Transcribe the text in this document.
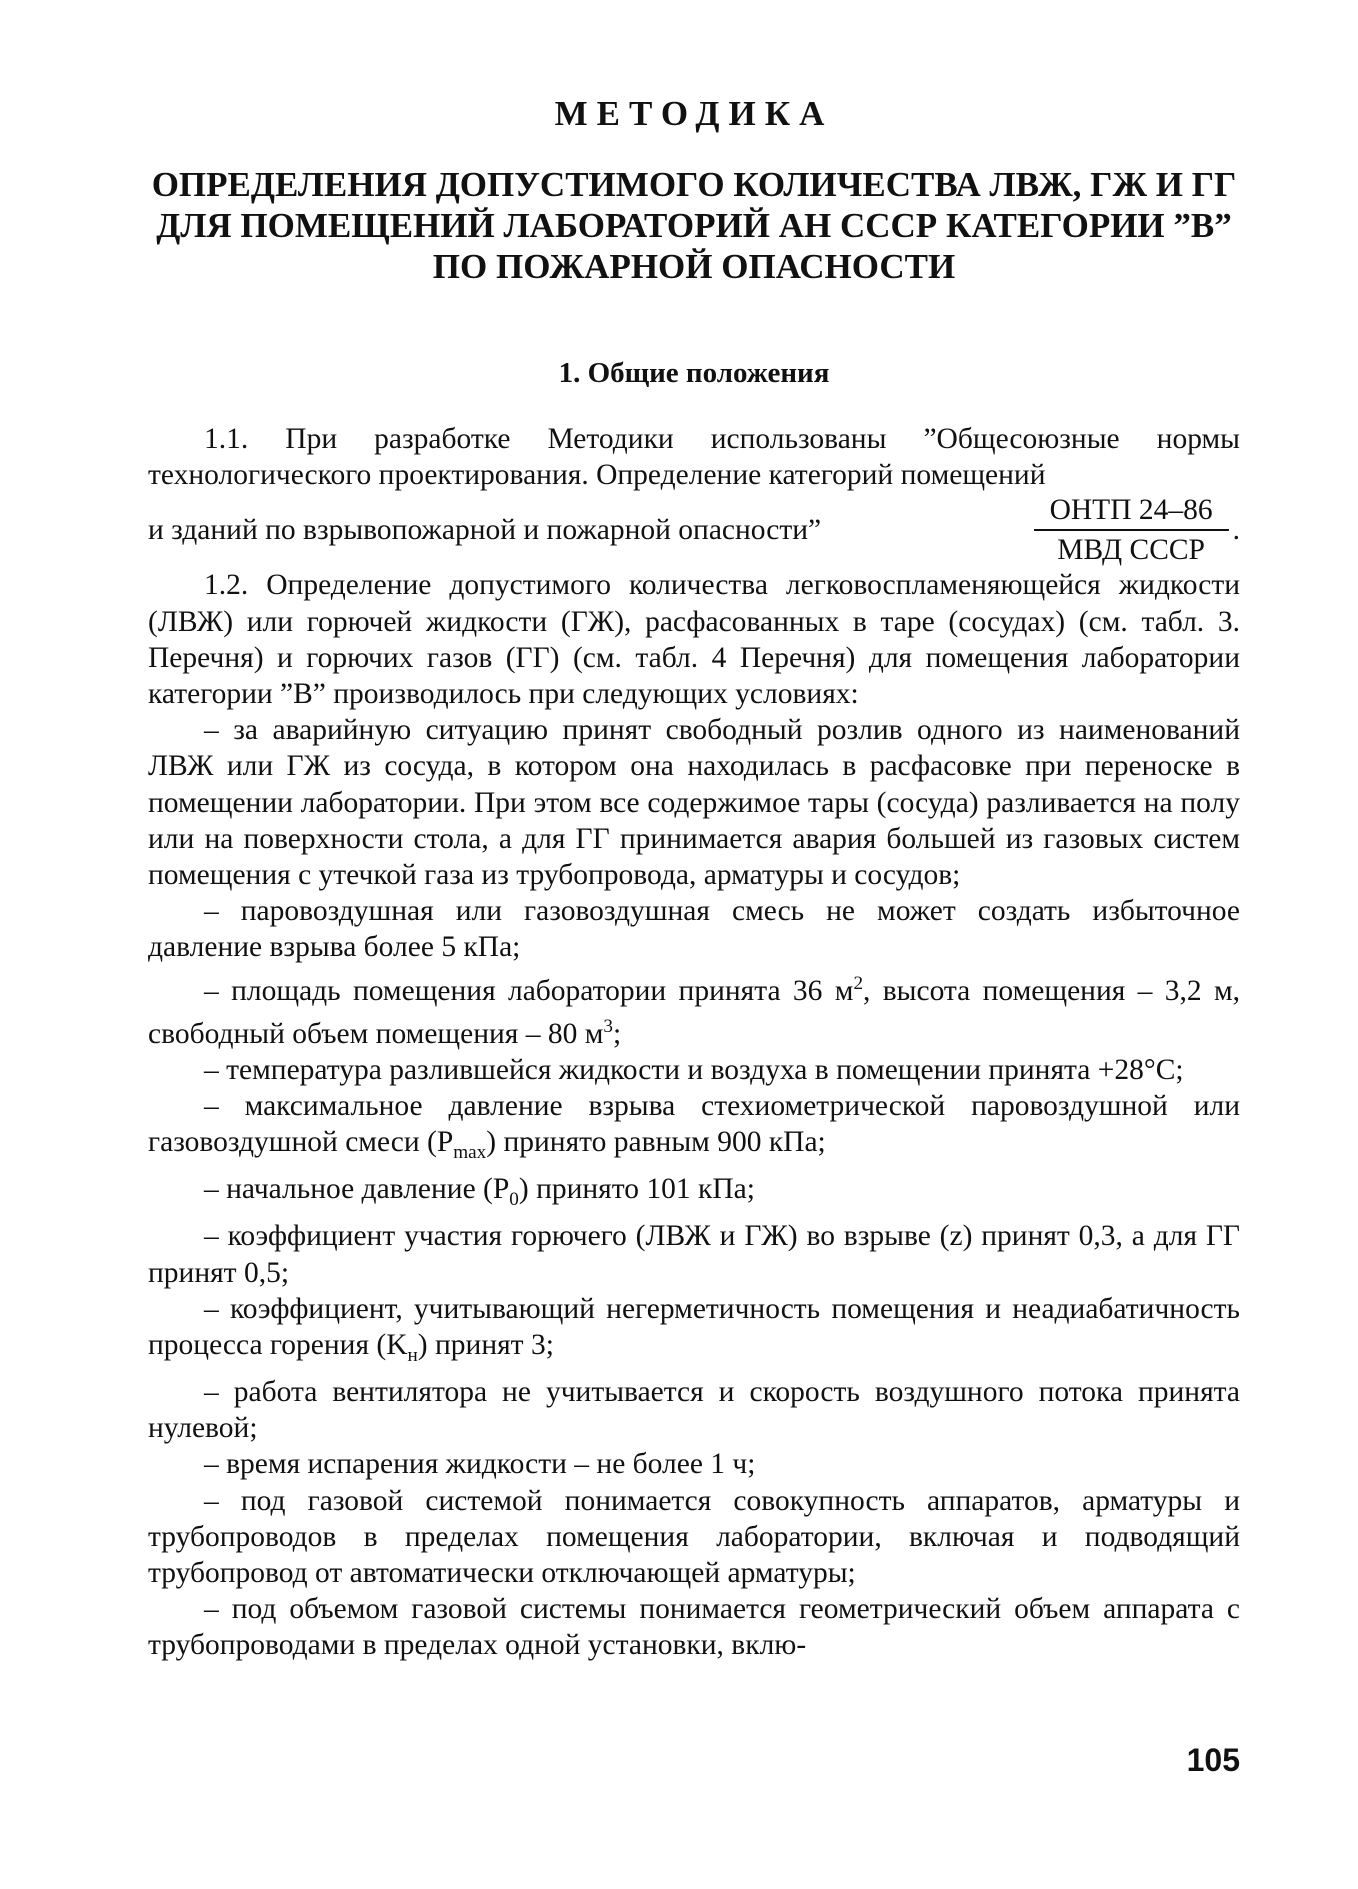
МЕТОДИКА
ОПРЕДЕЛЕНИЯ ДОПУСТИМОГО КОЛИЧЕСТВА ЛВЖ, ГЖ И ГГ
ДЛЯ ПОМЕЩЕНИЙ ЛАБОРАТОРИЙ АН СССР КАТЕГОРИИ ”В”
ПО ПОЖАРНОЙ ОПАСНОСТИ
1. Общие положения

1.1. При разработке Методики использованы ”Общесоюзные нормы технологического проектирования. Определение категорий помещений

и зданий по взрывопожарной и пожарной опасности”	$\frac{\text{ОНТП 24–86}}{\text{МВД СССР}}$ .

1.2. Определение допустимого количества легковоспламеняющейся жидкости (ЛВЖ) или горючей жидкости (ГЖ), расфасованных в таре (сосудах) (см. табл. 3. Перечня) и горючих газов (ГГ) (см. табл. 4 Перечня) для помещения лаборатории категории ”В” производилось при следующих условиях:

– за аварийную ситуацию принят свободный розлив одного из наименований ЛВЖ или ГЖ из сосуда, в котором она находилась в расфасовке при переноске в помещении лаборатории. При этом все содержимое тары (сосуда) разливается на полу или на поверхности стола, а для ГГ принимается авария большей из газовых систем помещения с утечкой газа из трубопровода, арматуры и сосудов;

– паровоздушная или газовоздушная смесь не может создать избыточное давление взрыва более 5 кПа;

– площадь помещения лаборатории принята 36 $м^2$, высота помещения – 3,2 м, свободный объем помещения – 80 $м^3$;

– температура разлившейся жидкости и воздуха в помещении принята +28°С;

– максимальное давление взрыва стехиометрической паровоздушной или газовоздушной смеси $(P_{max})$ принято равным 900 кПа;

– начальное давление $(P_0)$ принято 101 кПа;

– коэффициент участия горючего (ЛВЖ и ГЖ) во взрыве (z) принят 0,3, а для ГГ принят 0,5;

– коэффициент, учитывающий негерметичность помещения и неадиабатичность процесса горения $(K_н)$ принят 3;

– работа вентилятора не учитывается и скорость воздушного потока принята нулевой;

– время испарения жидкости – не более 1 ч;

– под газовой системой понимается совокупность аппаратов, арматуры и трубопроводов в пределах помещения лаборатории, включая и подводящий трубопровод от автоматически отключающей арматуры;

– под объемом газовой системы понимается геометрический объем аппарата с трубопроводами в пределах одной установки, вклю-

105
